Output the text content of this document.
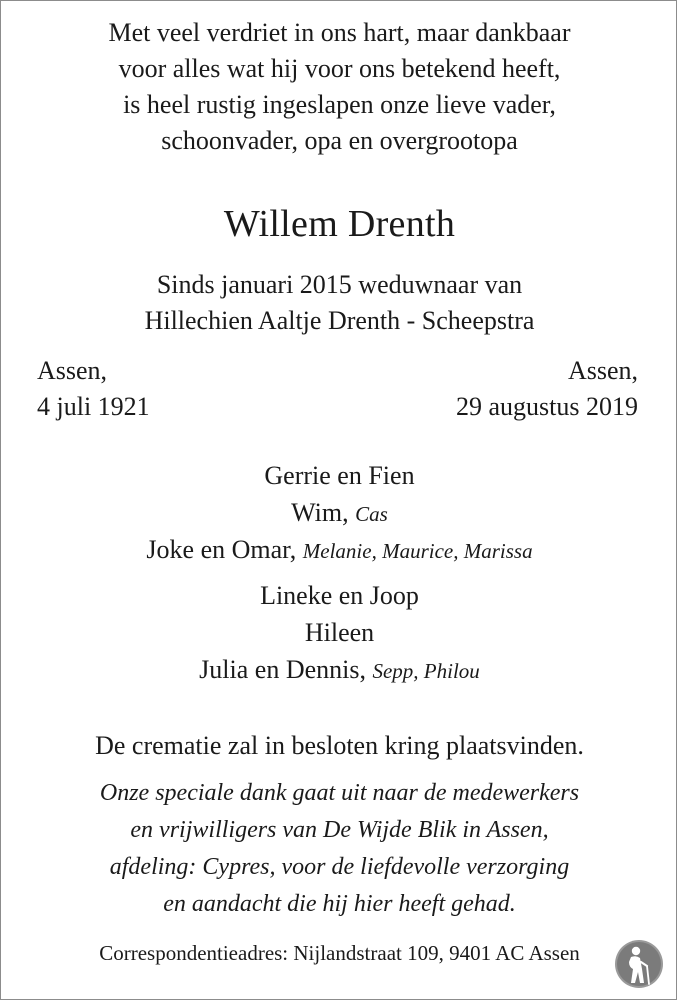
Met veel verdriet in ons hart, maar dankbaar
voor alles wat hij voor ons betekend heeft,
is heel rustig ingeslapen onze lieve vader,
schoonvader, opa en overgrootopa
Willem Drenth
Sinds januari 2015 weduwnaar van
Hillechien Aaltje Drenth - Scheepstra
Assen,
4 juli 1921
Assen,
29 augustus 2019
Gerrie en Fien
Wim, Cas
Joke en Omar, Melanie, Maurice, Marissa
Lineke en Joop
Hileen
Julia en Dennis, Sepp, Philou
De crematie zal in besloten kring plaatsvinden.
Onze speciale dank gaat uit naar de medewerkers
en vrijwilligers van De Wijde Blik in Assen,
afdeling: Cypres, voor de liefdevolle verzorging
en aandacht die hij hier heeft gehad.
Correspondentieadres: Nijlandstraat 109, 9401 AC Assen
